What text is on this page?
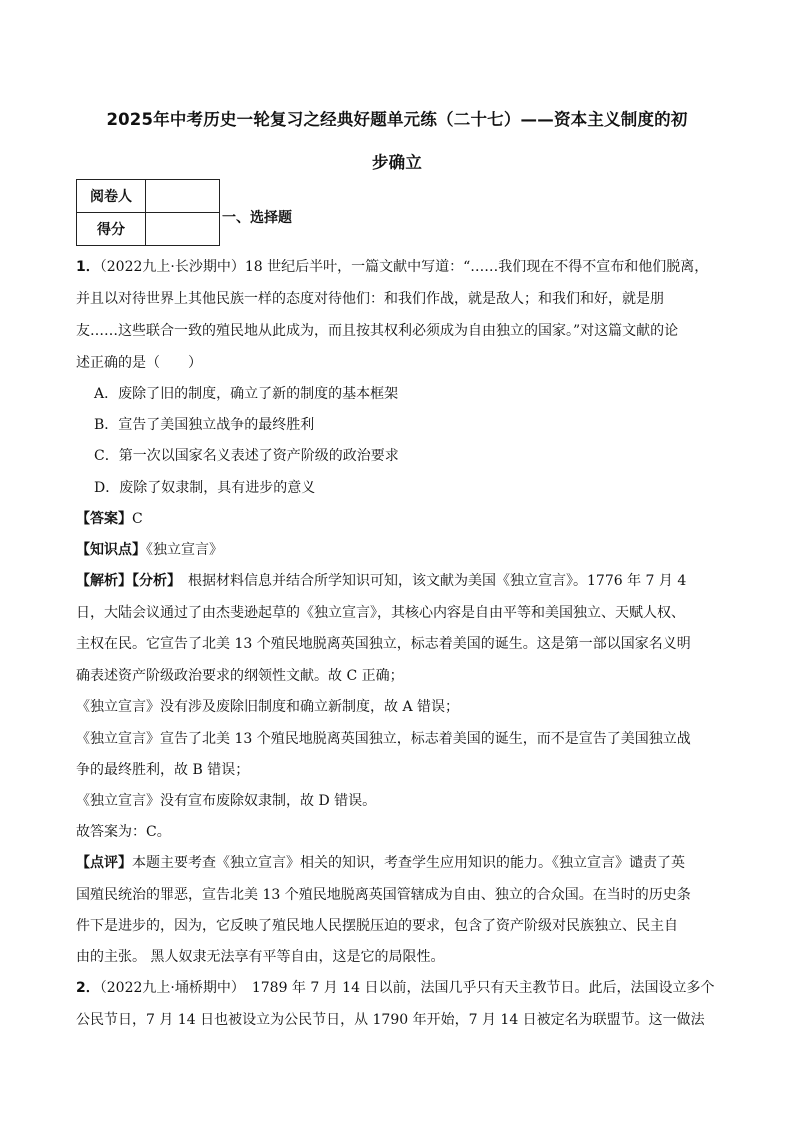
2025年中考历史一轮复习之经典好题单元练（二十七）——资本主义制度的初
步确立
阅卷人	
得分	
一、选择题
1．（2022九上·长沙期中）18 世纪后半叶，一篇文献中写道：“……我们现在不得不宣布和他们脱离，
并且以对待世界上其他民族一样的态度对待他们：和我们作战，就是敌人；和我们和好，就是朋
友……这些联合一致的殖民地从此成为，而且按其权利必须成为自由独立的国家。”对这篇文献的论
述正确的是（　　）
A．废除了旧的制度，确立了新的制度的基本框架
B．宣告了美国独立战争的最终胜利
C．第一次以国家名义表述了资产阶级的政治要求
D．废除了奴隶制，具有进步的意义
【答案】C
【知识点】《独立宣言》
【解析】【分析】　根据材料信息并结合所学知识可知，该文献为美国《独立宣言》。1776 年 7 月 4
日，大陆会议通过了由杰斐逊起草的《独立宣言》，其核心内容是自由平等和美国独立、天赋人权、
主权在民。它宣告了北美 13 个殖民地脱离英国独立，标志着美国的诞生。这是第一部以国家名义明
确表述资产阶级政治要求的纲领性文献。故 C 正确；
《独立宣言》没有涉及废除旧制度和确立新制度，故 A 错误；
《独立宣言》宣告了北美 13 个殖民地脱离英国独立，标志着美国的诞生，而不是宣告了美国独立战
争的最终胜利，故 B 错误；
《独立宣言》没有宣布废除奴隶制，故 D 错误。
故答案为：C。
【点评】本题主要考查《独立宣言》相关的知识，考查学生应用知识的能力。《独立宣言》谴责了英
国殖民统治的罪恶，宣告北美 13 个殖民地脱离英国管辖成为自由、独立的合众国。在当时的历史条
件下是进步的，因为，它反映了殖民地人民摆脱压迫的要求，包含了资产阶级对民族独立、民主自
由的主张。 黑人奴隶无法享有平等自由，这是它的局限性。
2．（2022九上·埇桥期中）　1789 年 7 月 14 日以前，法国几乎只有天主教节日。此后，法国设立多个
公民节日，7 月 14 日也被设立为公民节日，从 1790 年开始，7 月 14 日被定名为联盟节。这一做法
